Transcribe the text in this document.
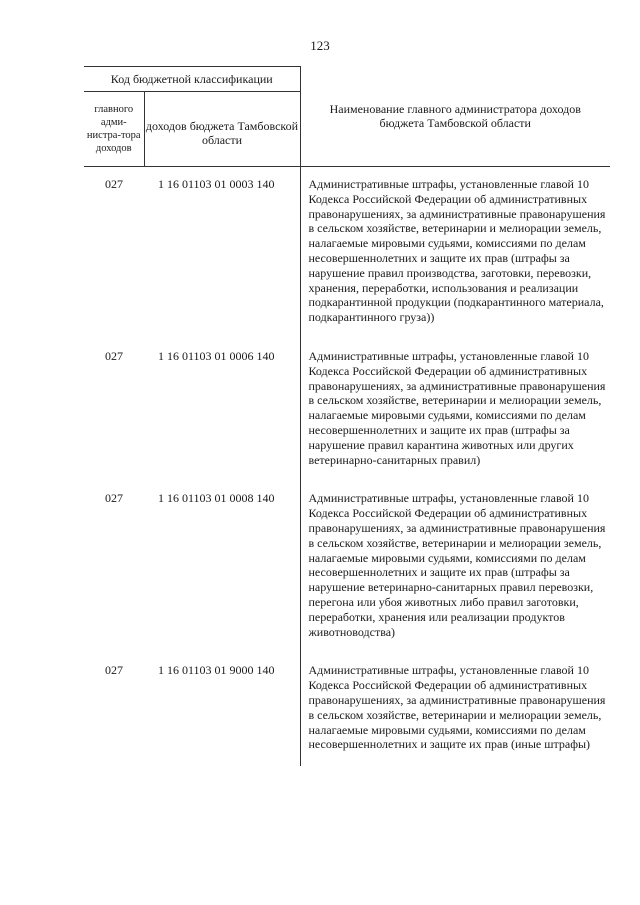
123
Код бюджетной классификации		Наименование главного администратора доходов бюджета Тамбовской области
главного адми-нистра-тора доходов	доходов бюджета Тамбовской области	
027	1 16 01103 01 0003 140	Административные штрафы, установленные главой 10 Кодекса Российской Федерации об административных правонарушениях, за административные правонарушения в сельском хозяйстве, ветеринарии и мелиорации земель, налагаемые мировыми судьями, комиссиями по делам несовершеннолетних и защите их прав (штрафы за нарушение правил производства, заготовки, перевозки, хранения, переработки, использования и реализации подкарантинной продукции (подкарантинного материала, подкарантинного груза))
027	1 16 01103 01 0006 140	Административные штрафы, установленные главой 10 Кодекса Российской Федерации об административных правонарушениях, за административные правонарушения в сельском хозяйстве, ветеринарии и мелиорации земель, налагаемые мировыми судьями, комиссиями по делам несовершеннолетних и защите их прав (штрафы за нарушение правил карантина животных или других ветеринарно-санитарных правил)
027	1 16 01103 01 0008 140	Административные штрафы, установленные главой 10 Кодекса Российской Федерации об административных правонарушениях, за административные правонарушения в сельском хозяйстве, ветеринарии и мелиорации земель, налагаемые мировыми судьями, комиссиями по делам несовершеннолетних и защите их прав (штрафы за нарушение ветеринарно-санитарных правил перевозки, перегона или убоя животных либо правил заготовки, переработки, хранения или реализации продуктов животноводства)
027	1 16 01103 01 9000 140	Административные штрафы, установленные главой 10 Кодекса Российской Федерации об административных правонарушениях, за административные правонарушения в сельском хозяйстве, ветеринарии и мелиорации земель, налагаемые мировыми судьями, комиссиями по делам несовершеннолетних и защите их прав (иные штрафы)
